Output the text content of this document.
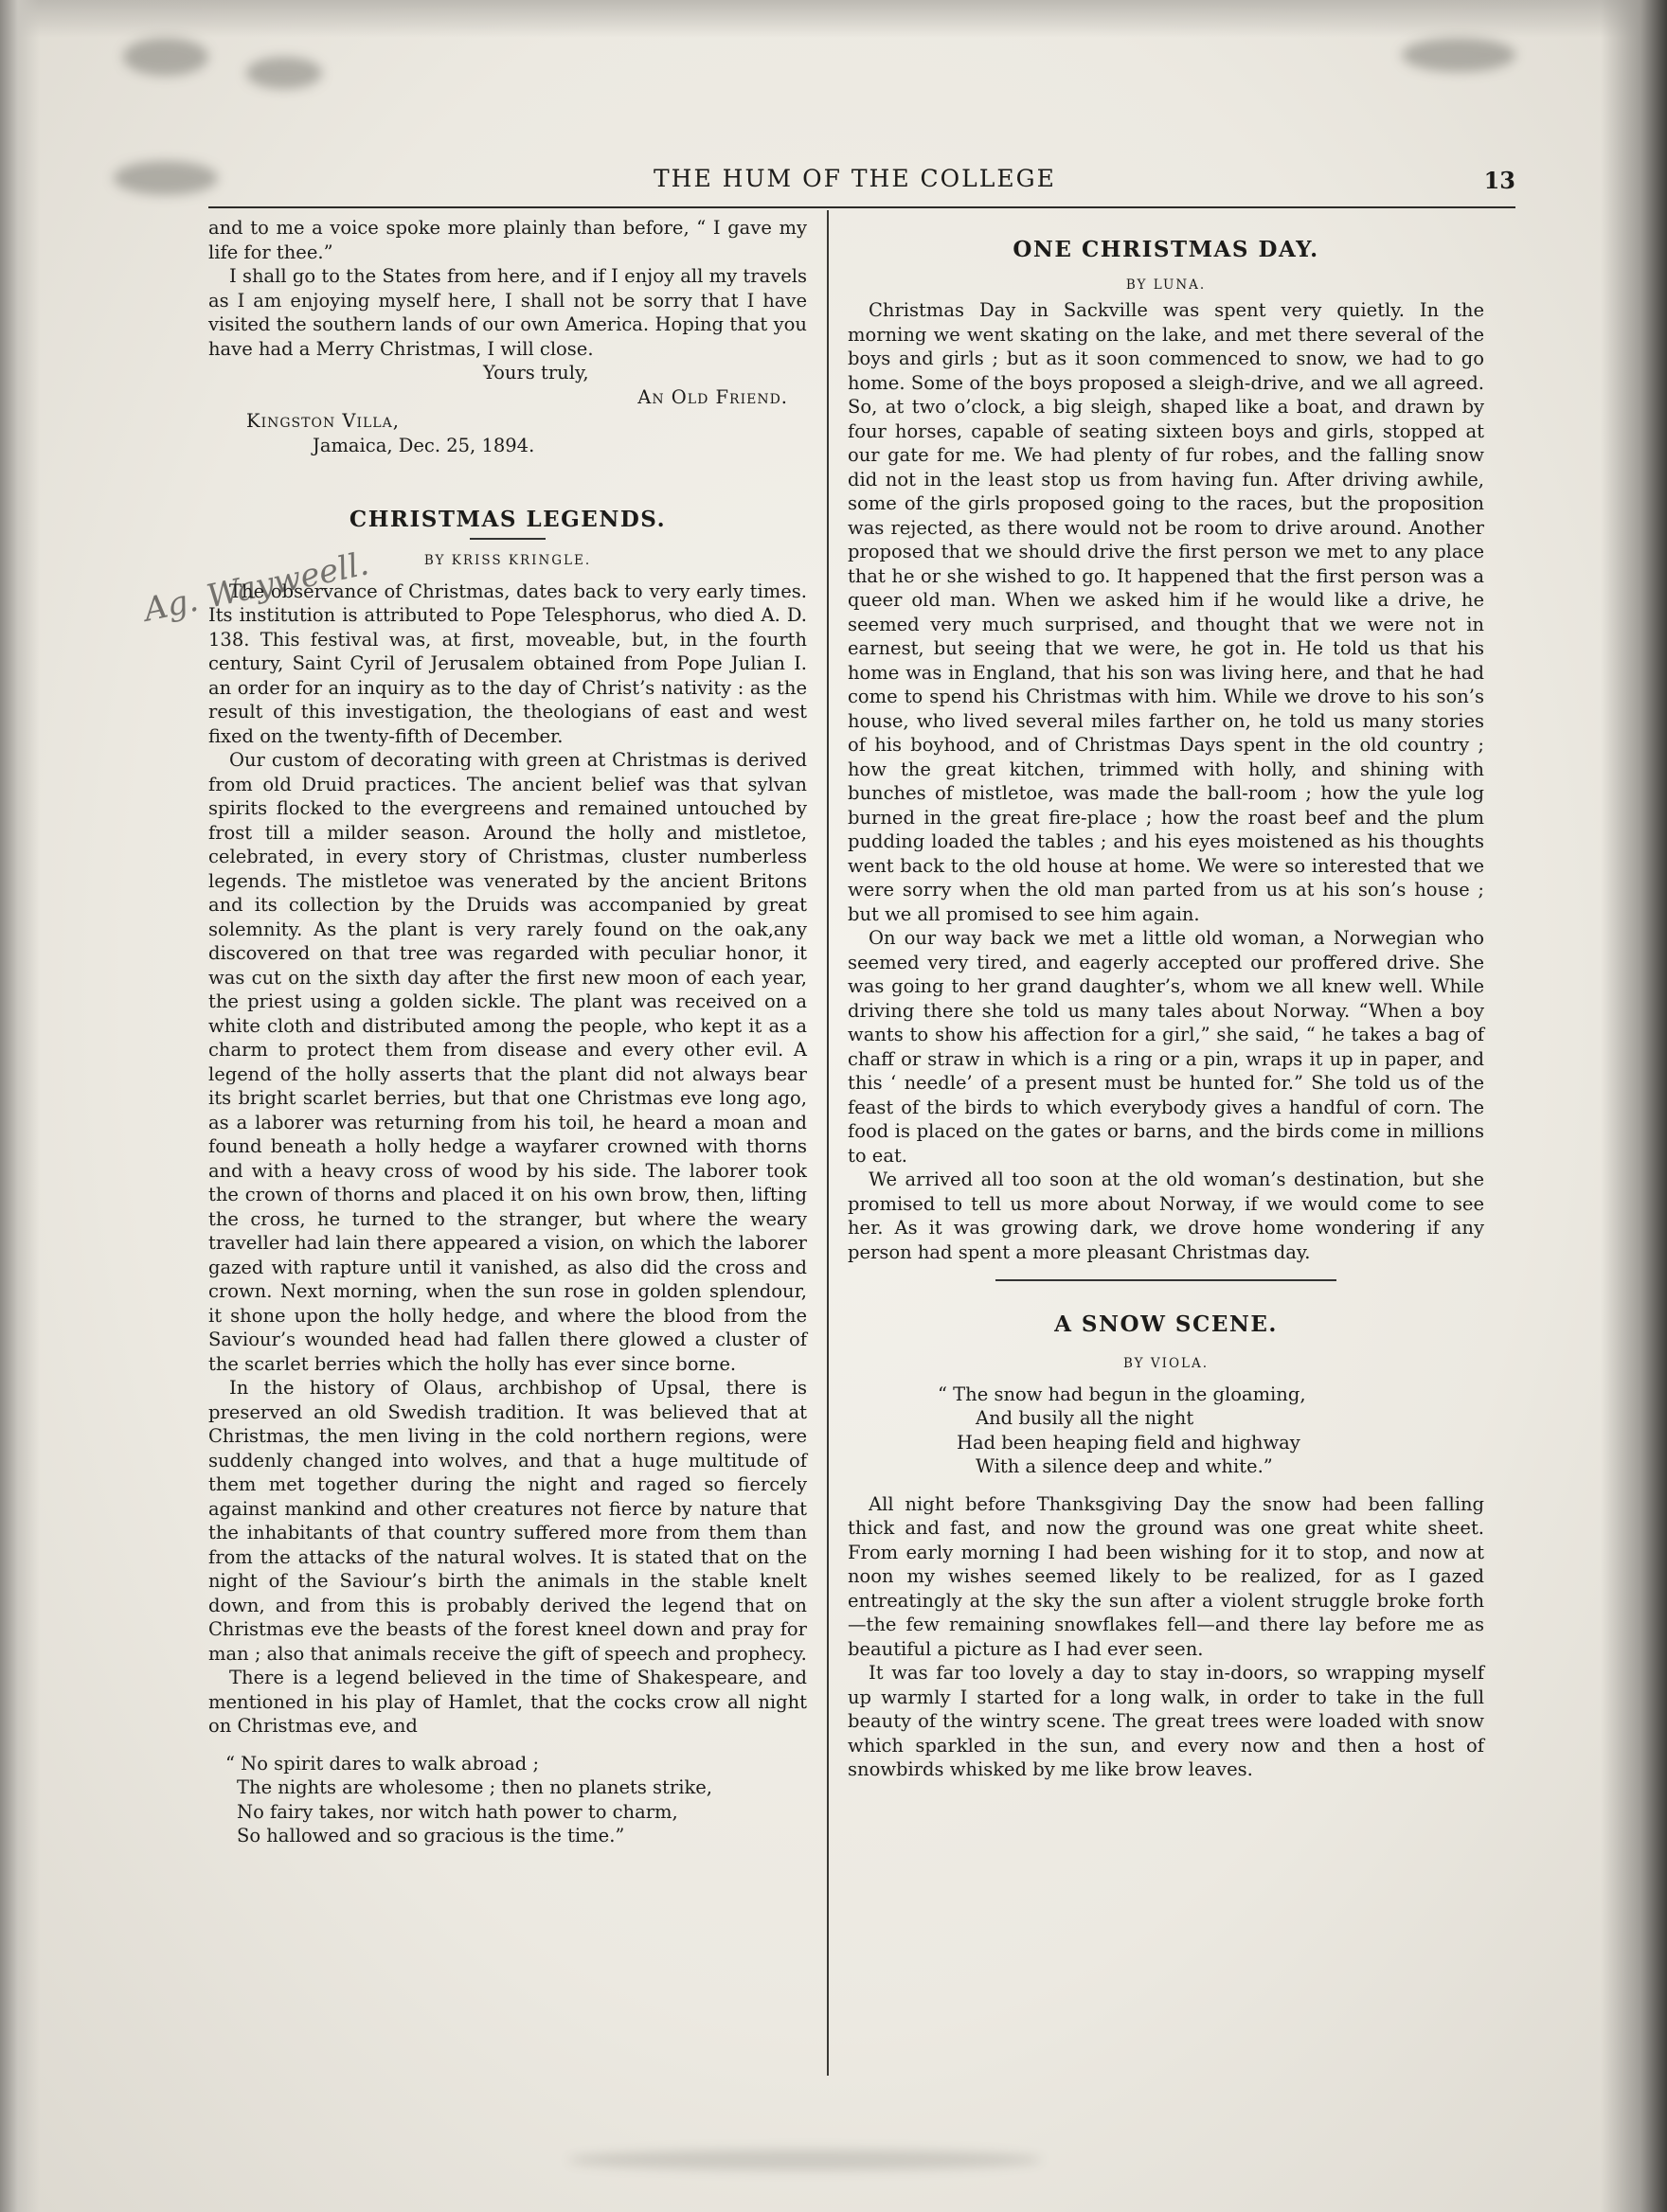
THE HUM OF THE COLLEGE	13
Ag. Wayweell.

and to me a voice spoke more plainly than before, “ I gave my life for thee.”

I shall go to the States from here, and if I enjoy all my travels as I am enjoying myself here, I shall not be sorry that I have visited the southern lands of our own America. Hoping that you have had a Merry Christmas, I will close.

Yours truly,

An Old Friend.

Kingston Villa,

Jamaica, Dec. 25, 1894.

CHRISTMAS LEGENDS.

BY KRISS KRINGLE.

The observance of Christmas, dates back to very early times. Its institution is attributed to Pope Telesphorus, who died A. D. 138. This festival was, at first, moveable, but, in the fourth century, Saint Cyril of Jerusalem obtained from Pope Julian I. an order for an inquiry as to the day of Christ’s nativity : as the result of this investigation, the theologians of east and west fixed on the twenty-fifth of December.

Our custom of decorating with green at Christmas is derived from old Druid practices. The ancient belief was that sylvan spirits flocked to the evergreens and remained untouched by frost till a milder season. Around the holly and mistletoe, celebrated, in every story of Christmas, cluster numberless legends. The mistletoe was venerated by the ancient Britons and its collection by the Druids was accompanied by great solemnity. As the plant is very rarely found on the oak,any discovered on that tree was regarded with peculiar honor, it was cut on the sixth day after the first new moon of each year, the priest using a golden sickle. The plant was received on a white cloth and distributed among the people, who kept it as a charm to protect them from disease and every other evil. A legend of the holly asserts that the plant did not always bear its bright scarlet berries, but that one Christmas eve long ago, as a laborer was returning from his toil, he heard a moan and found beneath a holly hedge a wayfarer crowned with thorns and with a heavy cross of wood by his side. The laborer took the crown of thorns and placed it on his own brow, then, lifting the cross, he turned to the stranger, but where the weary traveller had lain there appeared a vision, on which the laborer gazed with rapture until it vanished, as also did the cross and crown. Next morning, when the sun rose in golden splendour, it shone upon the holly hedge, and where the blood from the Saviour’s wounded head had fallen there glowed a cluster of the scarlet berries which the holly has ever since borne.

In the history of Olaus, archbishop of Upsal, there is preserved an old Swedish tradition. It was believed that at Christmas, the men living in the cold northern regions, were suddenly changed into wolves, and that a huge multitude of them met together during the night and raged so fiercely against mankind and other creatures not fierce by nature that the inhabitants of that country suffered more from them than from the attacks of the natural wolves. It is stated that on the night of the Saviour’s birth the animals in the stable knelt down, and from this is probably derived the legend that on Christmas eve the beasts of the forest kneel down and pray for man ; also that animals receive the gift of speech and prophecy.

There is a legend believed in the time of Shakespeare, and mentioned in his play of Hamlet, that the cocks crow all night on Christmas eve, and

“ No spirit dares to walk abroad ;
The nights are wholesome ; then no planets strike,
No fairy takes, nor witch hath power to charm,
So hallowed and so gracious is the time.”
ONE CHRISTMAS DAY.

BY LUNA.

Christmas Day in Sackville was spent very quietly. In the morning we went skating on the lake, and met there several of the boys and girls ; but as it soon commenced to snow, we had to go home. Some of the boys proposed a sleigh-drive, and we all agreed. So, at two o’clock, a big sleigh, shaped like a boat, and drawn by four horses, capable of seating sixteen boys and girls, stopped at our gate for me. We had plenty of fur robes, and the falling snow did not in the least stop us from having fun. After driving awhile, some of the girls proposed going to the races, but the proposition was rejected, as there would not be room to drive around. Another proposed that we should drive the first person we met to any place that he or she wished to go. It happened that the first person was a queer old man. When we asked him if he would like a drive, he seemed very much surprised, and thought that we were not in earnest, but seeing that we were, he got in. He told us that his home was in England, that his son was living here, and that he had come to spend his Christmas with him. While we drove to his son’s house, who lived several miles farther on, he told us many stories of his boyhood, and of Christmas Days spent in the old country ; how the great kitchen, trimmed with holly, and shining with bunches of mistletoe, was made the ball-room ; how the yule log burned in the great fire-place ; how the roast beef and the plum pudding loaded the tables ; and his eyes moistened as his thoughts went back to the old house at home. We were so interested that we were sorry when the old man parted from us at his son’s house ; but we all promised to see him again.

On our way back we met a little old woman, a Norwegian who seemed very tired, and eagerly accepted our proffered drive. She was going to her grand daughter’s, whom we all knew well. While driving there she told us many tales about Norway. “When a boy wants to show his affection for a girl,” she said, “ he takes a bag of chaff or straw in which is a ring or a pin, wraps it up in paper, and this ‘ needle’ of a present must be hunted for.” She told us of the feast of the birds to which everybody gives a handful of corn. The food is placed on the gates or barns, and the birds come in millions to eat.

We arrived all too soon at the old woman’s destination, but she promised to tell us more about Norway, if we would come to see her. As it was growing dark, we drove home wondering if any person had spent a more pleasant Christmas day.

A SNOW SCENE.

BY VIOLA.

“ The snow had begun in the gloaming,
And busily all the night
Had been heaping field and highway
With a silence deep and white.”

All night before Thanksgiving Day the snow had been falling thick and fast, and now the ground was one great white sheet. From early morning I had been wishing for it to stop, and now at noon my wishes seemed likely to be realized, for as I gazed entreatingly at the sky the sun after a violent struggle broke forth—the few remaining snowflakes fell—and there lay before me as beautiful a picture as I had ever seen.

It was far too lovely a day to stay in-doors, so wrapping myself up warmly I started for a long walk, in order to take in the full beauty of the wintry scene. The great trees were loaded with snow which sparkled in the sun, and every now and then a host of snowbirds whisked by me like brow leaves.
